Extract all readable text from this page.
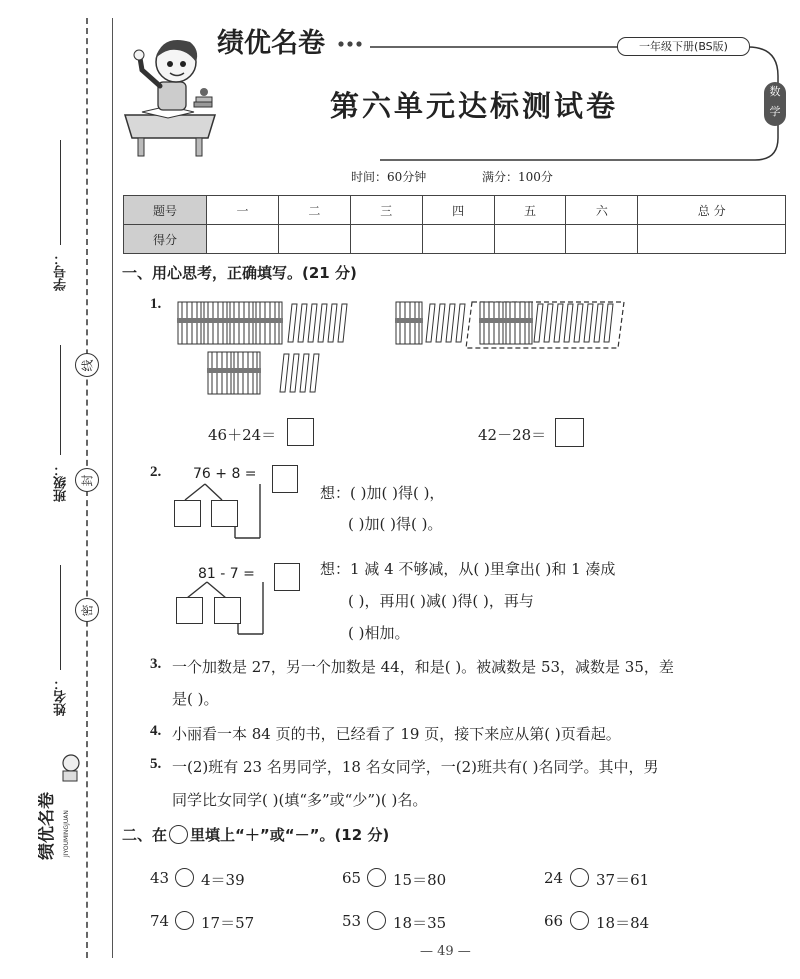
学号：
班级：
姓名：
线
封
密
绩优名卷 JIYOUMINGJUAN
绩优名卷	一年级下册(BS版)
数
学
第六单元达标测试卷
时间：60分钟	满分：100分
题号	一	二	三	四	五	六	总 分
得分							
一、用心思考，正确填写。(21 分)
1.
46＋24＝	42－28＝
2. 76 + 8 =
想：( )加( )得( )，
( )加( )得( )。
81 - 7 =	想：1 减 4 不够减，从( )里拿出( )和 1 凑成
( )，再用( )减( )得( )，再与
( )相加。
3. 一个加数是 27，另一个加数是 44，和是( )。被减数是 53，减数是 35，差
是( )。
4. 小丽看一本 84 页的书，已经看了 19 页，接下来应从第( )页看起。
5. 一(2)班有 23 名男同学，18 名女同学，一(2)班共有( )名同学。其中，男
同学比女同学( )(填“多”或“少”)( )名。
二、在 里填上“＋”或“－”。(12 分)
43 4＝39	65 15＝80	24 37＝61
74 17＝57	53 18＝35	66 18＝84
— 49 —
